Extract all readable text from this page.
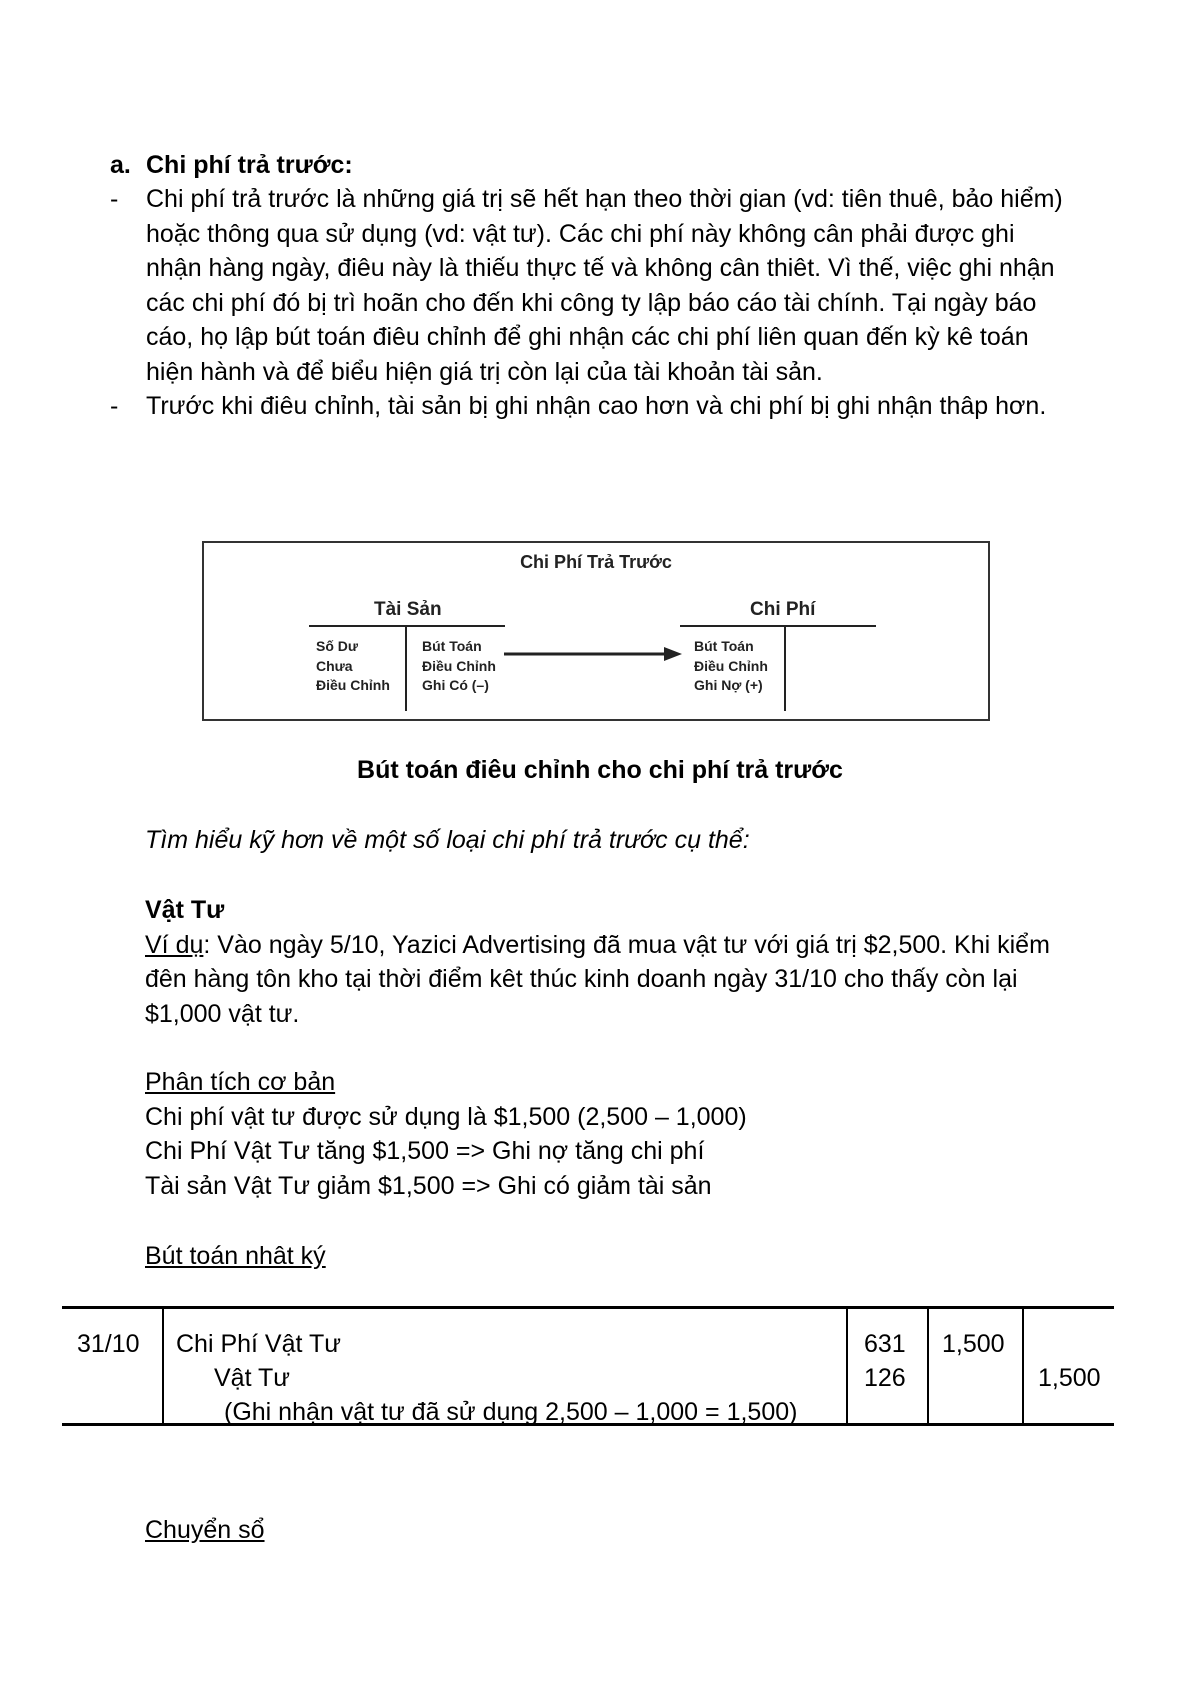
a. Chi phí trả trước:
-	Chi phí trả trước là những giá trị sẽ hết hạn theo thời gian (vd: tiên thuê, bảo hiểm) hoặc thông qua sử dụng (vd: vật tư). Các chi phí này không cân phải được ghi nhận hàng ngày, điêu này là thiếu thực tế và không cân thiêt. Vì thế, việc ghi nhận các chi phí đó bị trì hoãn cho đến khi công ty lập báo cáo tài chính. Tại ngày báo cáo, họ lập bút toán điêu chỉnh để ghi nhận các chi phí liên quan đến kỳ kê toán hiện hành và để biểu hiện giá trị còn lại của tài khoản tài sản.
-	Trước khi điêu chỉnh, tài sản bị ghi nhận cao hơn và chi phí bị ghi nhận thâp hơn.
Chi Phí Trả Trước
Tài Sản
Số Dư
Chưa
Điều Chỉnh
Bút Toán
Điều Chỉnh
Ghi Có (–)
Chi Phí
Bút Toán
Điều Chỉnh
Ghi Nợ (+)
Bút toán điêu chỉnh cho chi phí trả trước
Tìm hiểu kỹ hơn về một số loại chi phí trả trước cụ thể:
Vật Tư
Ví dụ: Vào ngày 5/10, Yazici Advertising đã mua vật tư với giá trị $2,500. Khi kiểm đên hàng tôn kho tại thời điểm kêt thúc kinh doanh ngày 31/10 cho thấy còn lại $1,000 vật tư.
Phân tích cơ bản
Chi phí vật tư được sử dụng là $1,500 (2,500 – 1,000)
Chi Phí Vật Tư tăng $1,500 => Ghi nợ tăng chi phí
Tài sản Vật Tư giảm $1,500 => Ghi có giảm tài sản
Bút toán nhât ký
31/10 Chi Phí Vật Tư
Vật Tư
(Ghi nhận vật tư đã sử dụng 2,500 – 1,000 = 1,500)
631
126
1,500
1,500
Chuyển sổ
